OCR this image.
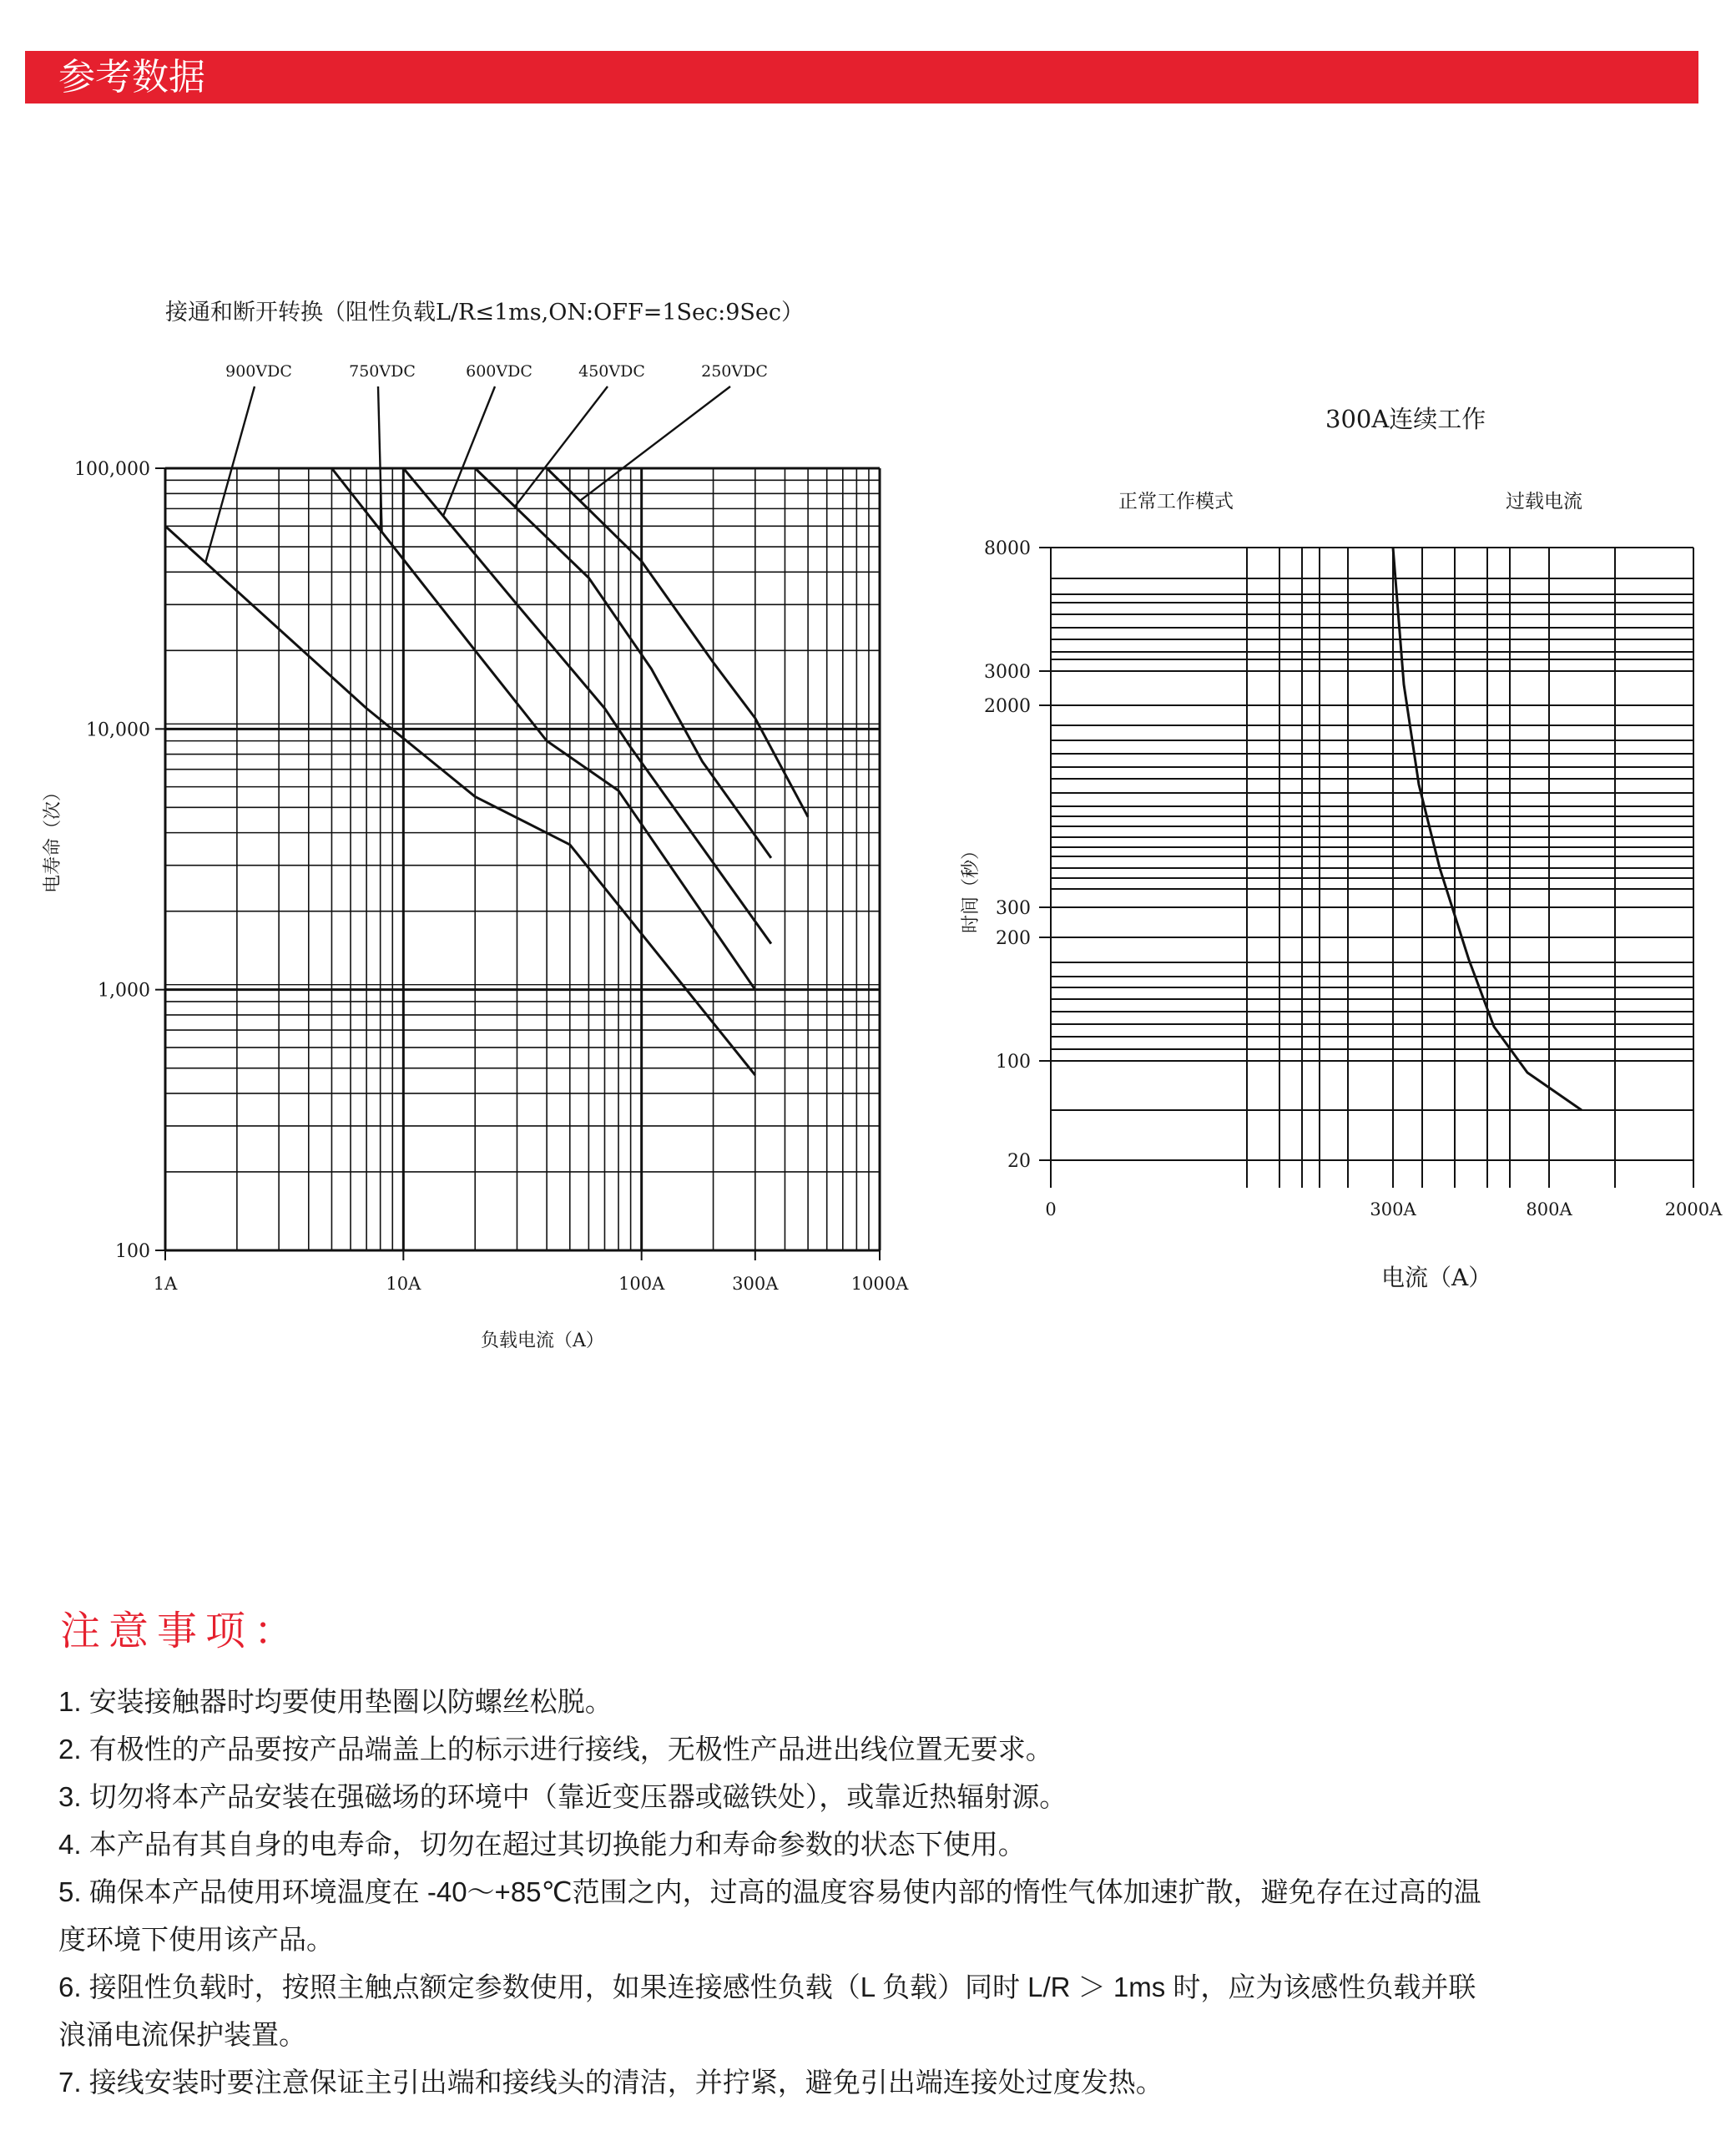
参考数据
接通和断开转换（阻性负载L/R≤1ms,ON:OFF=1Sec:9Sec）
负载电流（A）
电寿命（次）
1A	10A	100A	300A	1000A
100
1,000
10,000
100,000
900VDC	750VDC	600VDC	450VDC	250VDC
300A连续工作
正常工作模式	过载电流
电流（A）
时间（秒）
20
100
200
300
2000
3000
8000
0	300A	800A	2000A
注意事项：
1. 安装接触器时均要使用垫圈以防螺丝松脱。
2. 有极性的产品要按产品端盖上的标示进行接线，无极性产品进出线位置无要求。
3. 切勿将本产品安装在强磁场的环境中（靠近变压器或磁铁处），或靠近热辐射源。
4. 本产品有其自身的电寿命，切勿在超过其切换能力和寿命参数的状态下使用。
5. 确保本产品使用环境温度在 -40～+85℃范围之内，过高的温度容易使内部的惰性气体加速扩散，避免存在过高的温
度环境下使用该产品。
6. 接阻性负载时，按照主触点额定参数使用，如果连接感性负载（L 负载）同时 L/R ＞ 1ms 时，应为该感性负载并联
浪涌电流保护装置。
7. 接线安装时要注意保证主引出端和接线头的清洁，并拧紧，避免引出端连接处过度发热。
